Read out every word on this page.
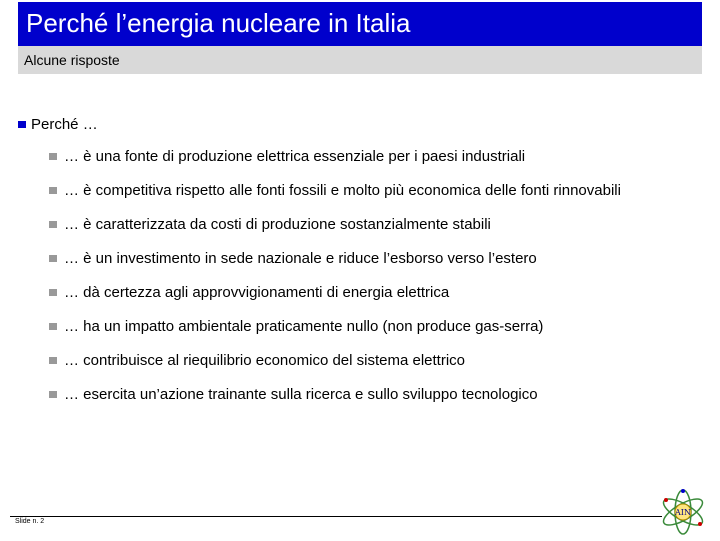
Perché l’energia nucleare in Italia
Alcune risposte
Perché …
… è una fonte di produzione elettrica essenziale per i paesi industriali
… è competitiva rispetto alle fonti fossili e molto più economica delle fonti rinnovabili
… è caratterizzata da costi di produzione sostanzialmente stabili
… è un investimento in sede nazionale e riduce l’esborso verso l’estero
… dà certezza agli approvvigionamenti di energia elettrica
… ha un impatto ambientale praticamente nullo (non produce gas-serra)
… contribuisce al riequilibrio economico del sistema elettrico
… esercita un’azione trainante sulla ricerca e sullo sviluppo tecnologico
Slide n. 2
AIN
